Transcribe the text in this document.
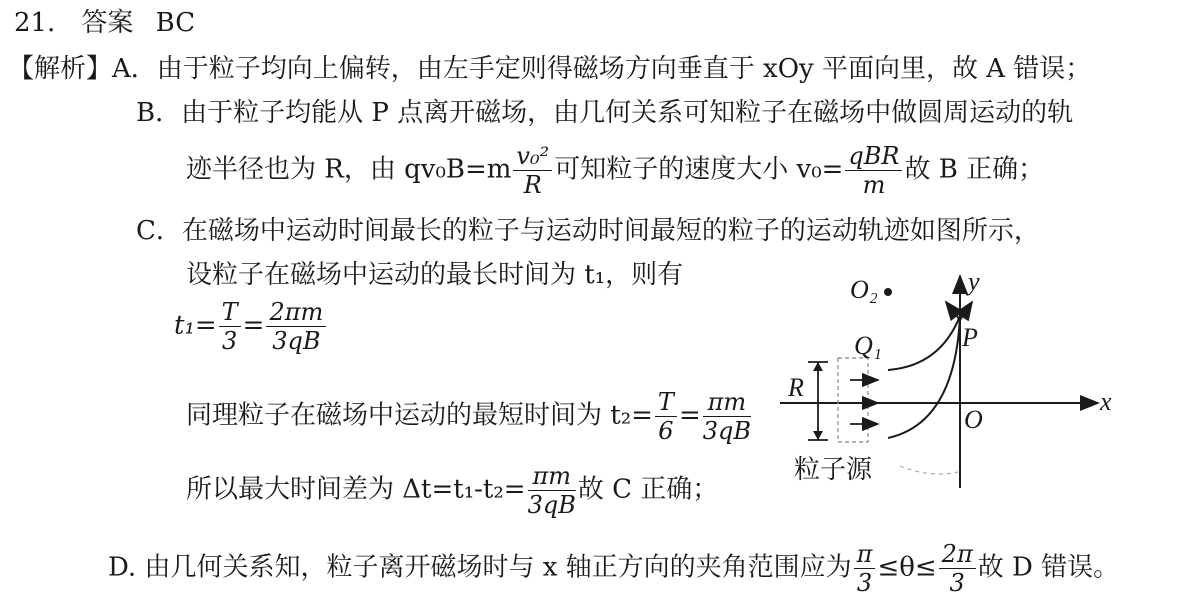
21． 答案 BC
【解析】A．由于粒子均向上偏转，由左手定则得磁场方向垂直于 xOy 平面向里，故 A 错误；
B．由于粒子均能从 P 点离开磁场，由几何关系可知粒子在磁场中做圆周运动的轨
迹半径也为 R，由 $qv_0B=m \frac{\text{v₀²}}{R}$ 可知粒子的速度大小 $v_0= \frac{\text{qBR}}{m}$ 故 B 正确；
C．在磁场中运动时间最长的粒子与运动时间最短的粒子的运动轨迹如图所示，
设粒子在磁场中运动的最长时间为 t₁，则有
$t_1= \frac{T}{3} = \frac{2\pi m}{3qB}$
同理粒子在磁场中运动的最短时间为 $t_2= \frac{T}{6} = \frac{\pi m}{3qB}$
所以最大时间差为 $\Delta t=t_1-t_2= \frac{\pi m}{3qB}$ 故 C 正确；
D. 由几何关系知，粒子离开磁场时与 x 轴正方向的夹角范围应为 $\frac{\pi}{3} \le\theta\le \frac{2\pi}{3}$ 故 D 错误。
O₂
Q₁	P
R	x
y
O
粒子源
